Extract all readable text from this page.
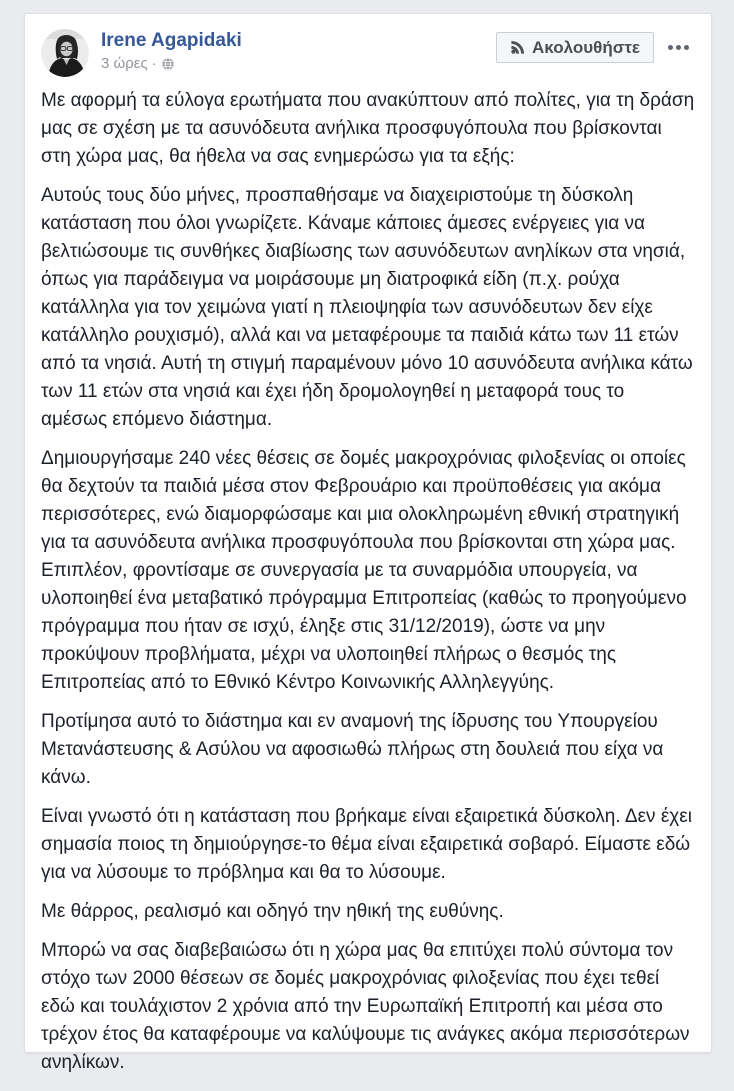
Irene Agapidaki
3 ώρες ·
Ακολουθήστε

Με αφορμή τα εύλογα ερωτήματα που ανακύπτουν από πολίτες, για τη δράση μας σε σχέση με τα ασυνόδευτα ανήλικα προσφυγόπουλα που βρίσκονται στη χώρα μας, θα ήθελα να σας ενημερώσω για τα εξής:

Αυτούς τους δύο μήνες, προσπαθήσαμε να διαχειριστούμε τη δύσκολη κατάσταση που όλοι γνωρίζετε. Κάναμε κάποιες άμεσες ενέργειες για να βελτιώσουμε τις συνθήκες διαβίωσης των ασυνόδευτων ανηλίκων στα νησιά, όπως για παράδειγμα να μοιράσουμε μη διατροφικά είδη (π.χ. ρούχα κατάλληλα για τον χειμώνα γιατί η πλειοψηφία των ασυνόδευτων δεν είχε κατάλληλο ρουχισμό), αλλά και να μεταφέρουμε τα παιδιά κάτω των 11 ετών από τα νησιά. Αυτή τη στιγμή παραμένουν μόνο 10 ασυνόδευτα ανήλικα κάτω των 11 ετών στα νησιά και έχει ήδη δρομολογηθεί η μεταφορά τους το αμέσως επόμενο διάστημα.

Δημιουργήσαμε 240 νέες θέσεις σε δομές μακροχρόνιας φιλοξενίας οι οποίες θα δεχτούν τα παιδιά μέσα στον Φεβρουάριο και προϋποθέσεις για ακόμα περισσότερες, ενώ διαμορφώσαμε και μια ολοκληρωμένη εθνική στρατηγική για τα ασυνόδευτα ανήλικα προσφυγόπουλα που βρίσκονται στη χώρα μας. Επιπλέον, φροντίσαμε σε συνεργασία με τα συναρμόδια υπουργεία, να υλοποιηθεί ένα μεταβατικό πρόγραμμα Επιτροπείας (καθώς το προηγούμενο πρόγραμμα που ήταν σε ισχύ, έληξε στις 31/12/2019), ώστε να μην προκύψουν προβλήματα, μέχρι να υλοποιηθεί πλήρως ο θεσμός της Επιτροπείας από το Εθνικό Κέντρο Κοινωνικής Αλληλεγγύης.

Προτίμησα αυτό το διάστημα και εν αναμονή της ίδρυσης του Υπουργείου Μετανάστευσης & Ασύλου να αφοσιωθώ πλήρως στη δουλειά που είχα να κάνω.

Είναι γνωστό ότι η κατάσταση που βρήκαμε είναι εξαιρετικά δύσκολη. Δεν έχει σημασία ποιος τη δημιούργησε-το θέμα είναι εξαιρετικά σοβαρό. Είμαστε εδώ για να λύσουμε το πρόβλημα και θα το λύσουμε.

Με θάρρος, ρεαλισμό και οδηγό την ηθική της ευθύνης.

Μπορώ να σας διαβεβαιώσω ότι η χώρα μας θα επιτύχει πολύ σύντομα τον στόχο των 2000 θέσεων σε δομές μακροχρόνιας φιλοξενίας που έχει τεθεί εδώ και τουλάχιστον 2 χρόνια από την Ευρωπαϊκή Επιτροπή και μέσα στο τρέχον έτος θα καταφέρουμε να καλύψουμε τις ανάγκες ακόμα περισσότερων ανηλίκων.
